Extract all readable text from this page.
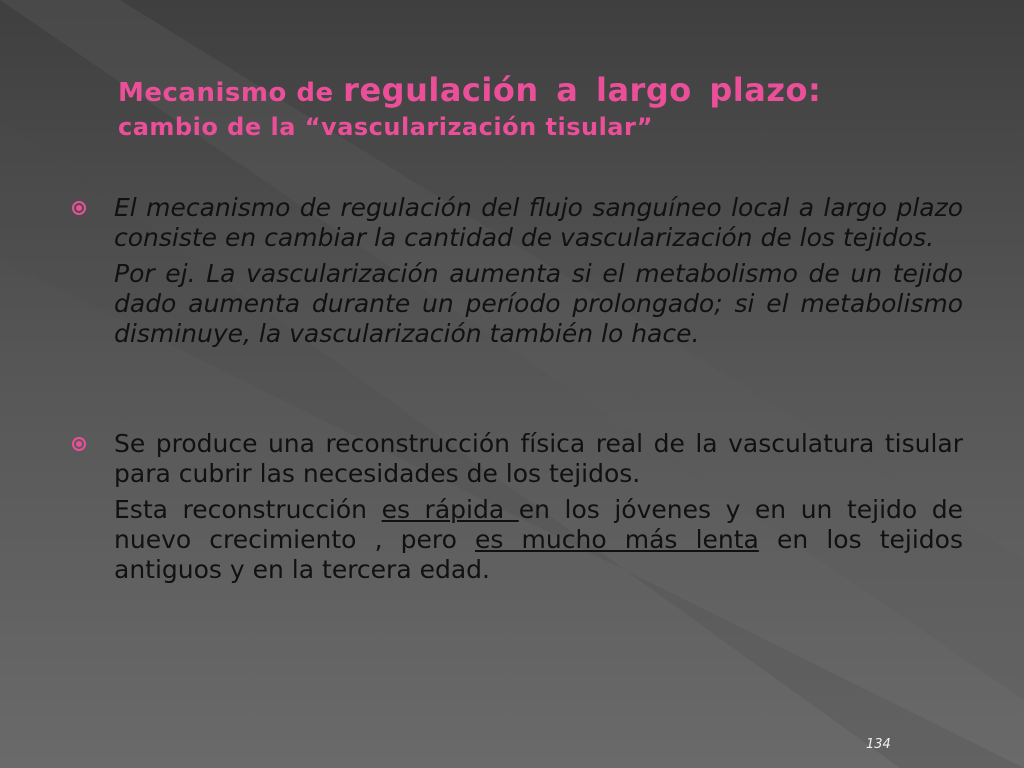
Mecanismo de regulación a largo plazo:
cambio de la “vascularización tisular”

El mecanismo de regulación del flujo sanguíneo local a largo plazo consiste en cambiar la cantidad de vascularización de los tejidos.

Por ej. La vascularización aumenta si el metabolismo de un tejido dado aumenta durante un período prolongado; si el metabolismo disminuye, la vascularización también lo hace.

Se produce una reconstrucción física real de la vasculatura tisular para cubrir las necesidades de los tejidos.

Esta reconstrucción es rápida en los jóvenes y en un tejido de nuevo crecimiento , pero es mucho más lenta en los tejidos antiguos y en la tercera edad.

134
